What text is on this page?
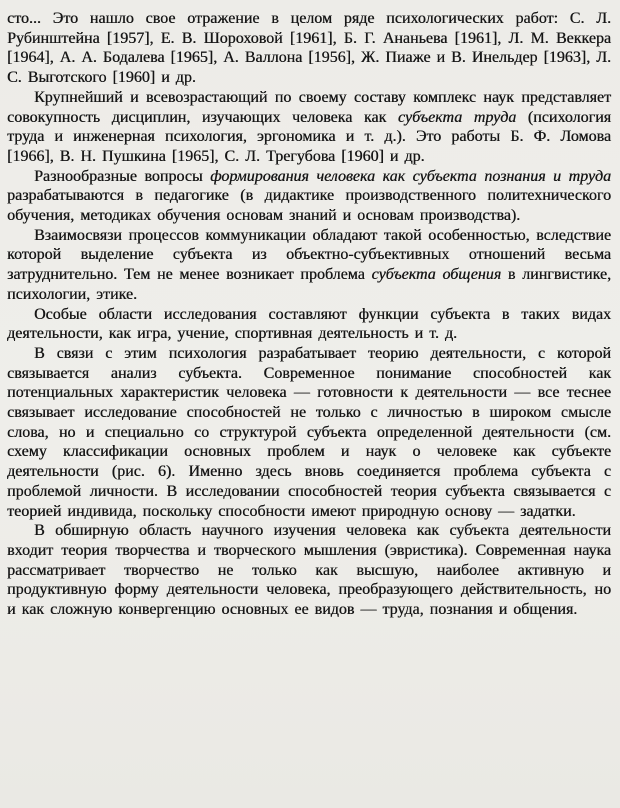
сто... Это нашло свое отражение в целом ряде психологических работ: С. Л. Рубинштейна [1957], Е. В. Шороховой [1961], Б. Г. Ананьева [1961], Л. М. Веккера [1964], А. А. Бодалева [1965], А. Валлона [1956], Ж. Пиаже и В. Инельдер [1963], Л. С. Выготского [1960] и др.

Крупнейший и всевозрастающий по своему составу комплекс наук представляет совокупность дисциплин, изучающих человека как субъекта труда (психология труда и инженерная психология, эргономика и т. д.). Это работы Б. Ф. Ломова [1966], В. Н. Пушкина [1965], С. Л. Трегубова [1960] и др.

Разнообразные вопросы формирования человека как субъекта познания и труда разрабатываются в педагогике (в дидактике производственного политехнического обучения, методиках обучения основам знаний и основам производства).

Взаимосвязи процессов коммуникации обладают такой особенностью, вследствие которой выделение субъекта из объектно-субъективных отношений весьма затруднительно. Тем не менее возникает проблема субъекта общения в лингвистике, психологии, этике.

Особые области исследования составляют функции субъекта в таких видах деятельности, как игра, учение, спортивная деятельность и т. д.

В связи с этим психология разрабатывает теорию деятельности, с которой связывается анализ субъекта. Современное понимание способностей как потенциальных характеристик человека — готовности к деятельности — все теснее связывает исследование способностей не только с личностью в широком смысле слова, но и специально со структурой субъекта определенной деятельности (см. схему классификации основных проблем и наук о человеке как субъекте деятельности (рис. 6). Именно здесь вновь соединяется проблема субъекта с проблемой личности. В исследовании способностей теория субъекта связывается с теорией индивида, поскольку способности имеют природную основу — задатки.

В обширную область научного изучения человека как субъекта деятельности входит теория творчества и творческого мышления (эвристика). Современная наука рассматривает творчество не только как высшую, наиболее активную и продуктивную форму деятельности человека, преобразующего действительность, но и как сложную конвергенцию основных ее видов — труда, познания и общения.
